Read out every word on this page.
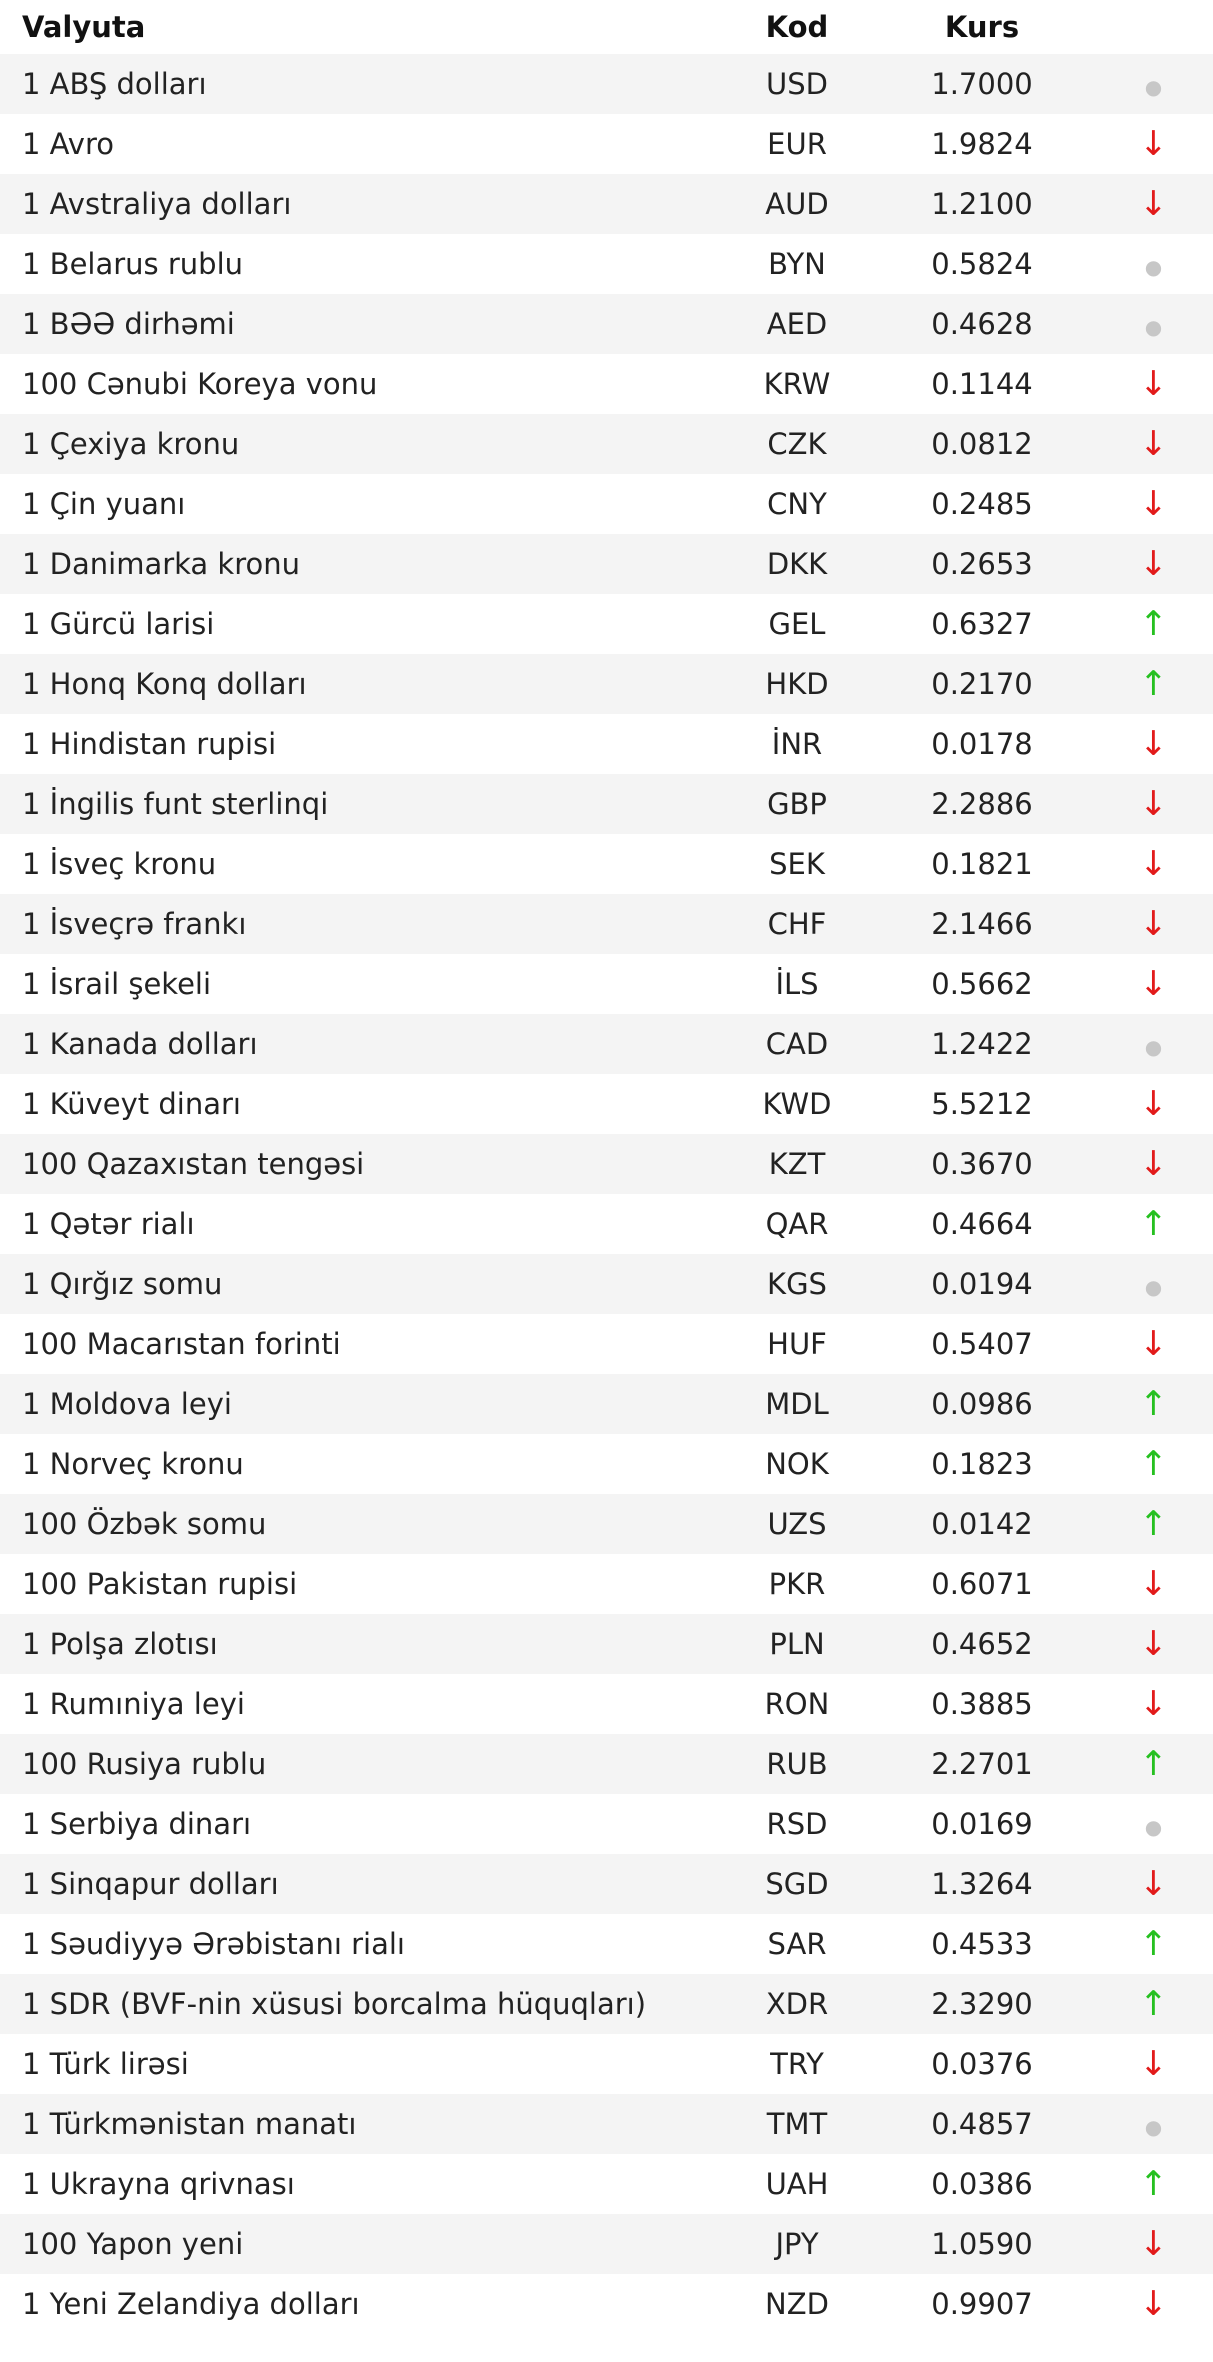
Valyuta	Kod	Kurs	
1 ABŞ dolları	USD	1.7000	●
1 Avro	EUR	1.9824	↓
1 Avstraliya dolları	AUD	1.2100	↓
1 Belarus rublu	BYN	0.5824	●
1 BƏƏ dirhəmi	AED	0.4628	●
100 Cənubi Koreya vonu	KRW	0.1144	↓
1 Çexiya kronu	CZK	0.0812	↓
1 Çin yuanı	CNY	0.2485	↓
1 Danimarka kronu	DKK	0.2653	↓
1 Gürcü larisi	GEL	0.6327	↑
1 Honq Konq dolları	HKD	0.2170	↑
1 Hindistan rupisi	İNR	0.0178	↓
1 İngilis funt sterlinqi	GBP	2.2886	↓
1 İsveç kronu	SEK	0.1821	↓
1 İsveçrə frankı	CHF	2.1466	↓
1 İsrail şekeli	İLS	0.5662	↓
1 Kanada dolları	CAD	1.2422	●
1 Küveyt dinarı	KWD	5.5212	↓
100 Qazaxıstan tengəsi	KZT	0.3670	↓
1 Qətər rialı	QAR	0.4664	↑
1 Qırğız somu	KGS	0.0194	●
100 Macarıstan forinti	HUF	0.5407	↓
1 Moldova leyi	MDL	0.0986	↑
1 Norveç kronu	NOK	0.1823	↑
100 Özbək somu	UZS	0.0142	↑
100 Pakistan rupisi	PKR	0.6071	↓
1 Polşa zlotısı	PLN	0.4652	↓
1 Rumıniya leyi	RON	0.3885	↓
100 Rusiya rublu	RUB	2.2701	↑
1 Serbiya dinarı	RSD	0.0169	●
1 Sinqapur dolları	SGD	1.3264	↓
1 Səudiyyə Ərəbistanı rialı	SAR	0.4533	↑
1 SDR (BVF-nin xüsusi borcalma hüquqları)	XDR	2.3290	↑
1 Türk lirəsi	TRY	0.0376	↓
1 Türkmənistan manatı	TMT	0.4857	●
1 Ukrayna qrivnası	UAH	0.0386	↑
100 Yapon yeni	JPY	1.0590	↓
1 Yeni Zelandiya dolları	NZD	0.9907	↓
